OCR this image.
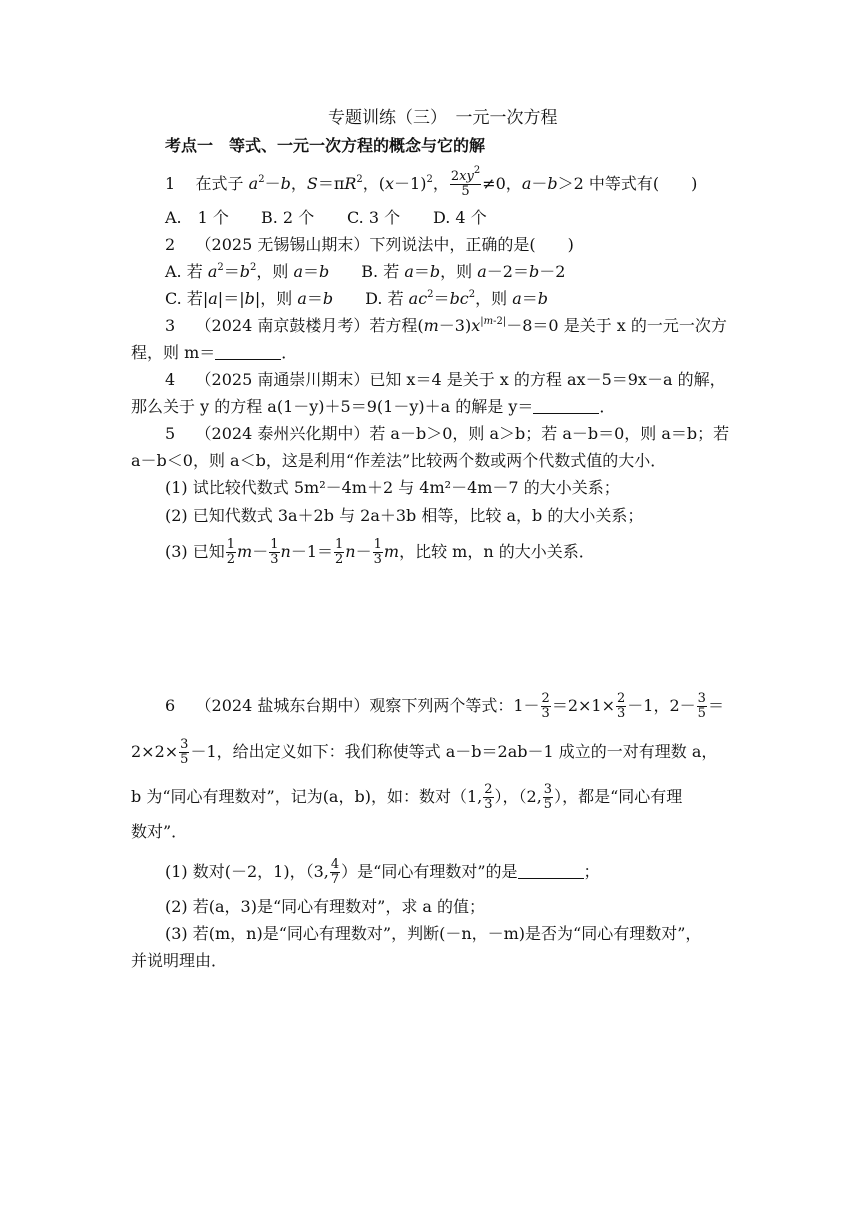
专题训练（三）　一元一次方程
考点一　等式、一元一次方程的概念与它的解
1 在式子 $a^2-b$，$S=\pi R^2$，$(x-1)^2$， $\frac{2xy^2}{5} \ne 0$，a－b＞2 中等式有(　　)
A.　1 个 B. 2 个 C. 3 个 D. 4 个
2 （2025 无锡锡山期末）下列说法中，正确的是(　　)
A. 若 $a^2=b^2$，则 a＝b　　B. 若 a＝b，则 a－2＝b－2
C. 若|a|＝|b|，则 a＝b　　D. 若 $ac^2=bc^2$，则 a＝b
3 （2024 南京鼓楼月考）若方程$(m-3)x^{|m-2|}-8=0$ 是关于 x 的一元一次方
程，则 m＝	．
4 （2025 南通崇川期末）已知 x＝4 是关于 x 的方程 ax－5＝9x－a 的解，
那么关于 y 的方程 a(1－y)＋5＝9(1－y)＋a 的解是 y＝	．
5 （2024 泰州兴化期中）若 a－b＞0，则 a＞b；若 a－b＝0，则 a＝b；若
a－b＜0，则 a＜b，这是利用“作差法”比较两个数或两个代数式值的大小．
(1) 试比较代数式 5m²－4m＋2 与 4m²－4m－7 的大小关系；
(2) 已知代数式 3a＋2b 与 2a＋3b 相等，比较 a，b 的大小关系；
(3) 已知 $\frac{1}{2} m- \frac{1}{3} n-1= \frac{1}{2} n- \frac{1}{3}$ m，比较 m，n 的大小关系．
6 （2024 盐城东台期中）观察下列两个等式：$1- \frac{2}{3} =2\times 1\times \frac{2}{3} -1$，$2- \frac{3}{5}$ ＝
$2\times 2\times \frac{3}{5} -1$，给出定义如下：我们称使等式 a－b＝2ab－1 成立的一对有理数 a，
b 为“同心有理数对”，记为(a，b)，如：数对（1, $\frac{2}{3}$ ），（2, $\frac{3}{5}$ ），都是“同心有理
数对”．
(1) 数对(－2，1)，（3, $\frac{4}{7}$ ）是“同心有理数对”的是	；
(2) 若(a，3)是“同心有理数对”，求 a 的值；
(3) 若(m，n)是“同心有理数对”，判断(－n，－m)是否为“同心有理数对”，
并说明理由．
